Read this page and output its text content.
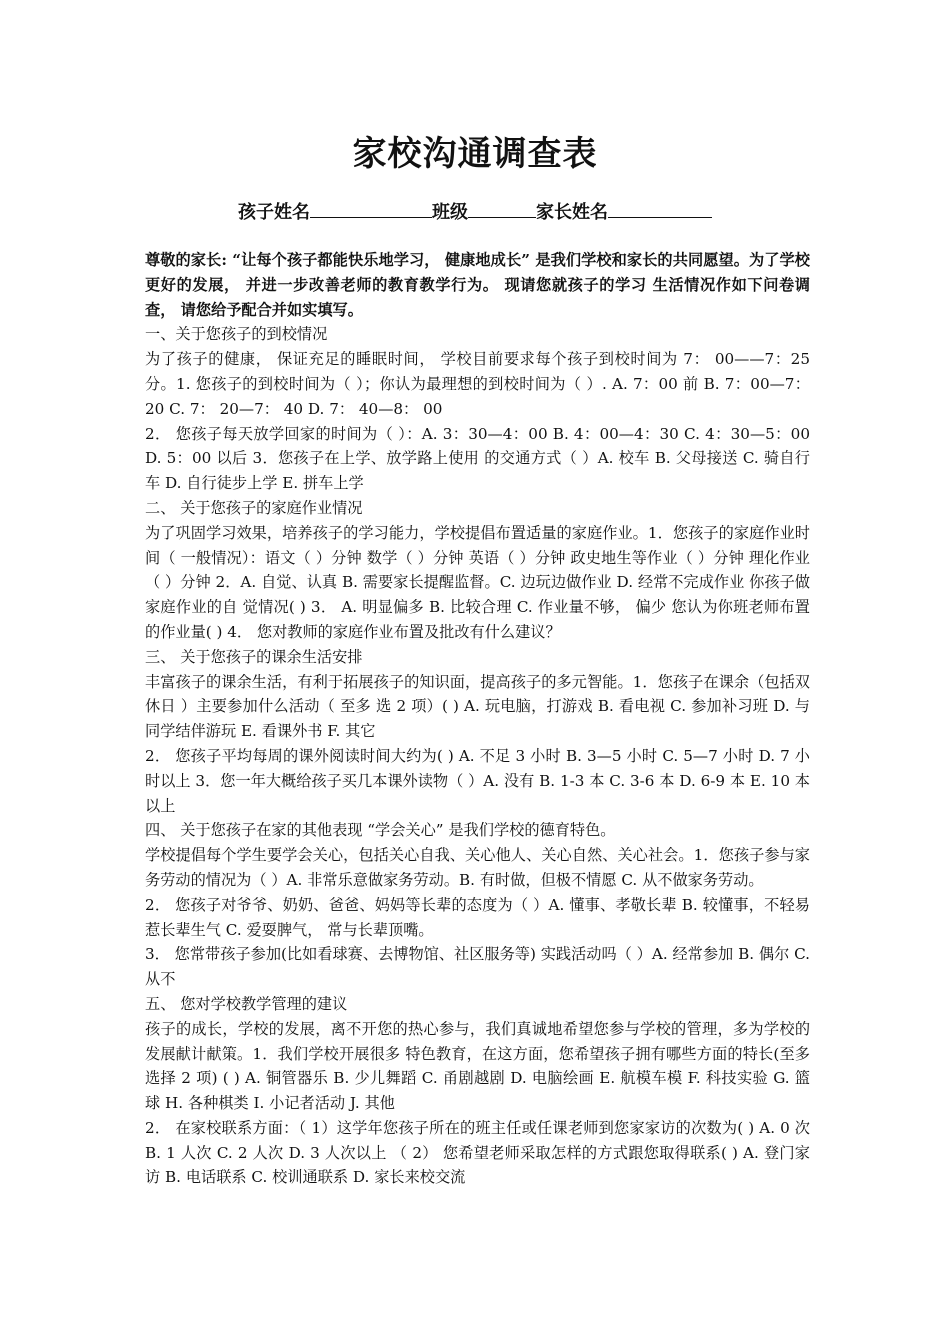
家校沟通调查表
孩子姓名	班级	家长姓名

尊敬的家长: “让每个孩子都能快乐地学习， 健康地成长” 是我们学校和家长的共同愿望。为了学校更好的发展， 并进一步改善老师的教育教学行为。 现请您就孩子的学习 生活情况作如下问卷调查， 请您给予配合并如实填写。

一、关于您孩子的到校情况

为了孩子的健康， 保证充足的睡眠时间， 学校目前要求每个孩子到校时间为 7： 00——7：25 分。1. 您孩子的到校时间为（ ）；你认为最理想的到校时间为（ ）. A. 7：00 前 B. 7：00—7： 20 C. 7： 20—7： 40 D. 7： 40—8： 00

2． 您孩子每天放学回家的时间为（ ）：A. 3：30—4：00 B. 4：00—4：30 C. 4：30—5：00 D. 5：00 以后 3．您孩子在上学、放学路上使用 的交通方式（ ）A. 校车 B. 父母接送 C. 骑自行车 D. 自行徒步上学 E. 拼车上学

二、 关于您孩子的家庭作业情况

为了巩固学习效果，培养孩子的学习能力，学校提倡布置适量的家庭作业。1．您孩子的家庭作业时间（ 一般情况）：语文（ ）分钟 数学（ ）分钟 英语（ ）分钟 政史地生等作业（ ）分钟 理化作业（ ）分钟 2．A. 自觉、认真 B. 需要家长提醒监督。C. 边玩边做作业 D. 经常不完成作业 你孩子做家庭作业的自 觉情况( ) 3． A. 明显偏多 B. 比较合理 C. 作业量不够， 偏少 您认为你班老师布置的作业量( ) 4． 您对教师的家庭作业布置及批改有什么建议？

三、 关于您孩子的课余生活安排

丰富孩子的课余生活，有利于拓展孩子的知识面，提高孩子的多元智能。1．您孩子在课余（包括双休日 ）主要参加什么活动（ 至多 选 2 项）( ) A. 玩电脑，打游戏 B. 看电视 C. 参加补习班 D. 与同学结伴游玩 E. 看课外书 F. 其它

2． 您孩子平均每周的课外阅读时间大约为( ) A. 不足 3 小时 B. 3—5 小时 C. 5—7 小时 D. 7 小时以上 3．您一年大概给孩子买几本课外读物（ ）A. 没有 B. 1-3 本 C. 3-6 本 D. 6-9 本 E. 10 本以上

四、 关于您孩子在家的其他表现 “学会关心” 是我们学校的德育特色。

学校提倡每个学生要学会关心，包括关心自我、关心他人、关心自然、关心社会。1．您孩子参与家务劳动的情况为（ ）A. 非常乐意做家务劳动。B. 有时做，但极不情愿 C. 从不做家务劳动。

2． 您孩子对爷爷、奶奶、爸爸、妈妈等长辈的态度为（ ）A. 懂事、孝敬长辈 B. 较懂事，不轻易惹长辈生气 C. 爱耍脾气， 常与长辈顶嘴。

3． 您常带孩子参加(比如看球赛、去博物馆、社区服务等) 实践活动吗（ ）A. 经常参加 B. 偶尔 C. 从不

五、 您对学校教学管理的建议

孩子的成长，学校的发展，离不开您的热心参与，我们真诚地希望您参与学校的管理，多为学校的发展献计献策。1．我们学校开展很多 特色教育，在这方面，您希望孩子拥有哪些方面的特长(至多 选择 2 项) ( ) A. 铜管器乐 B. 少儿舞蹈 C. 甬剧越剧 D. 电脑绘画 E. 航模车模 F. 科技实验 G. 篮 球 H. 各种棋类 I. 小记者活动 J. 其他

2． 在家校联系方面：（ 1）这学年您孩子所在的班主任或任课老师到您家家访的次数为( ) A. 0 次 B. 1 人次 C. 2 人次 D. 3 人次以上 （ 2） 您希望老师采取怎样的方式跟您取得联系( ) A. 登门家访 B. 电话联系 C. 校训通联系 D. 家长来校交流
